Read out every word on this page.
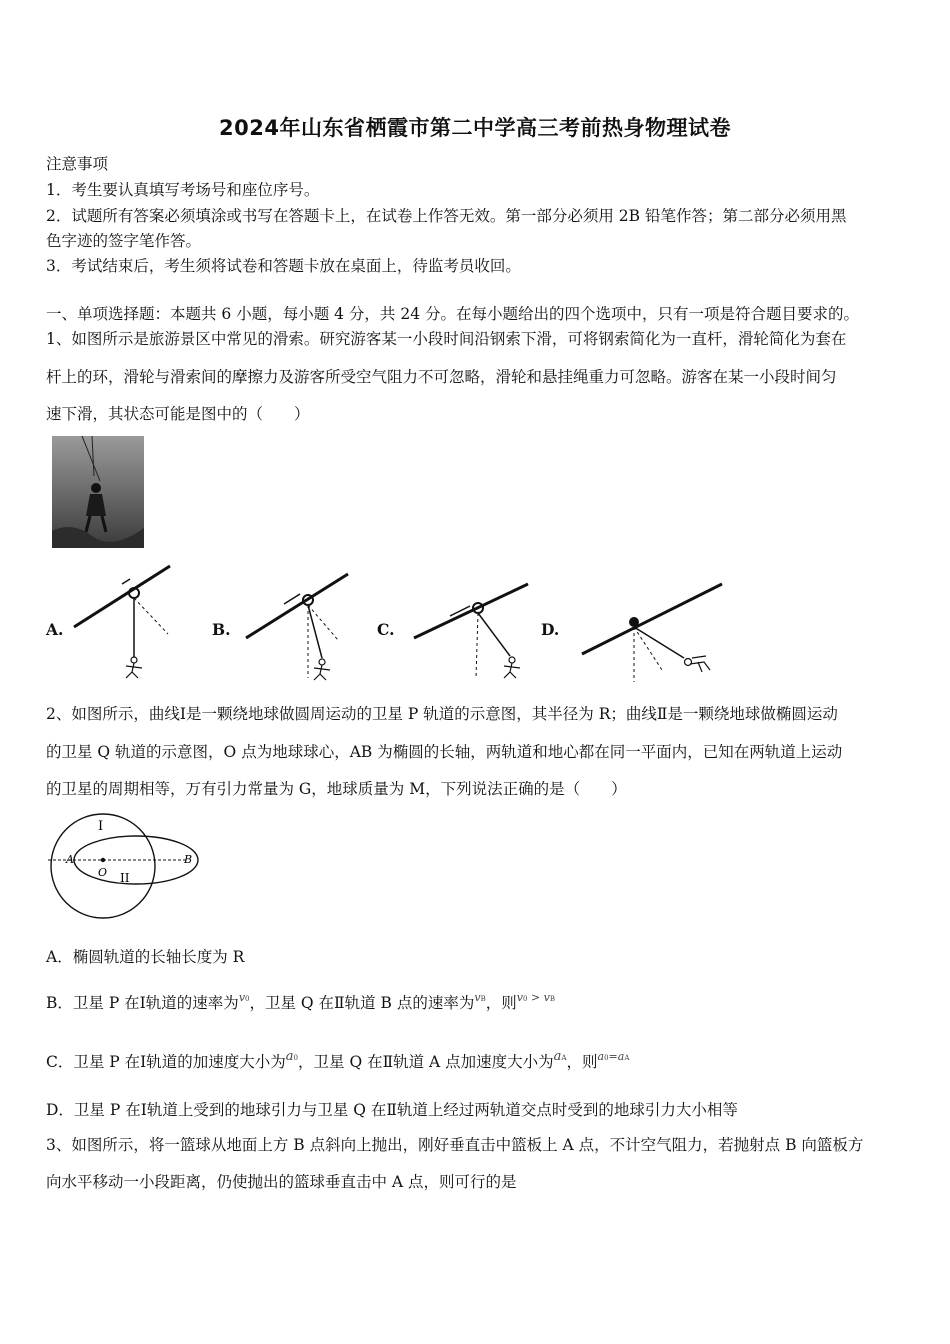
2024年山东省栖霞市第二中学高三考前热身物理试卷
注意事项
1．考生要认真填写考场号和座位序号。
2．试题所有答案必须填涂或书写在答题卡上，在试卷上作答无效。第一部分必须用 2B 铅笔作答；第二部分必须用黑
色字迹的签字笔作答。
3．考试结束后，考生须将试卷和答题卡放在桌面上，待监考员收回。
一、单项选择题：本题共 6 小题，每小题 4 分，共 24 分。在每小题给出的四个选项中，只有一项是符合题目要求的。
1、如图所示是旅游景区中常见的滑索。研究游客某一小段时间沿钢索下滑，可将钢索简化为一直杆，滑轮简化为套在
杆上的环，滑轮与滑索间的摩擦力及游客所受空气阻力不可忽略，滑轮和悬挂绳重力可忽略。游客在某一小段时间匀
速下滑，其状态可能是图中的（　　）
A.	B.	C.	D.
2、如图所示，曲线Ⅰ是一颗绕地球做圆周运动的卫星 P 轨道的示意图，其半径为 R；曲线Ⅱ是一颗绕地球做椭圆运动
的卫星 Q 轨道的示意图，O 点为地球球心，AB 为椭圆的长轴，两轨道和地心都在同一平面内，已知在两轨道上运动
的卫星的周期相等，万有引力常量为 G，地球质量为 M，下列说法正确的是（　　）
I
II
A	B
O
A．椭圆轨道的长轴长度为 R
B．卫星 P 在Ⅰ轨道的速率为$^{v0}$，卫星 Q 在Ⅱ轨道 B 点的速率为$^{vB}$，则$^{v0 > vB}$
C．卫星 P 在Ⅰ轨道的加速度大小为$^{a0}$，卫星 Q 在Ⅱ轨道 A 点加速度大小为$^{aA}$，则$^{a0=aA}$
D．卫星 P 在Ⅰ轨道上受到的地球引力与卫星 Q 在Ⅱ轨道上经过两轨道交点时受到的地球引力大小相等
3、如图所示，将一篮球从地面上方 B 点斜向上抛出，刚好垂直击中篮板上 A 点，不计空气阻力，若抛射点 B 向篮板方
向水平移动一小段距离，仍使抛出的篮球垂直击中 A 点，则可行的是
